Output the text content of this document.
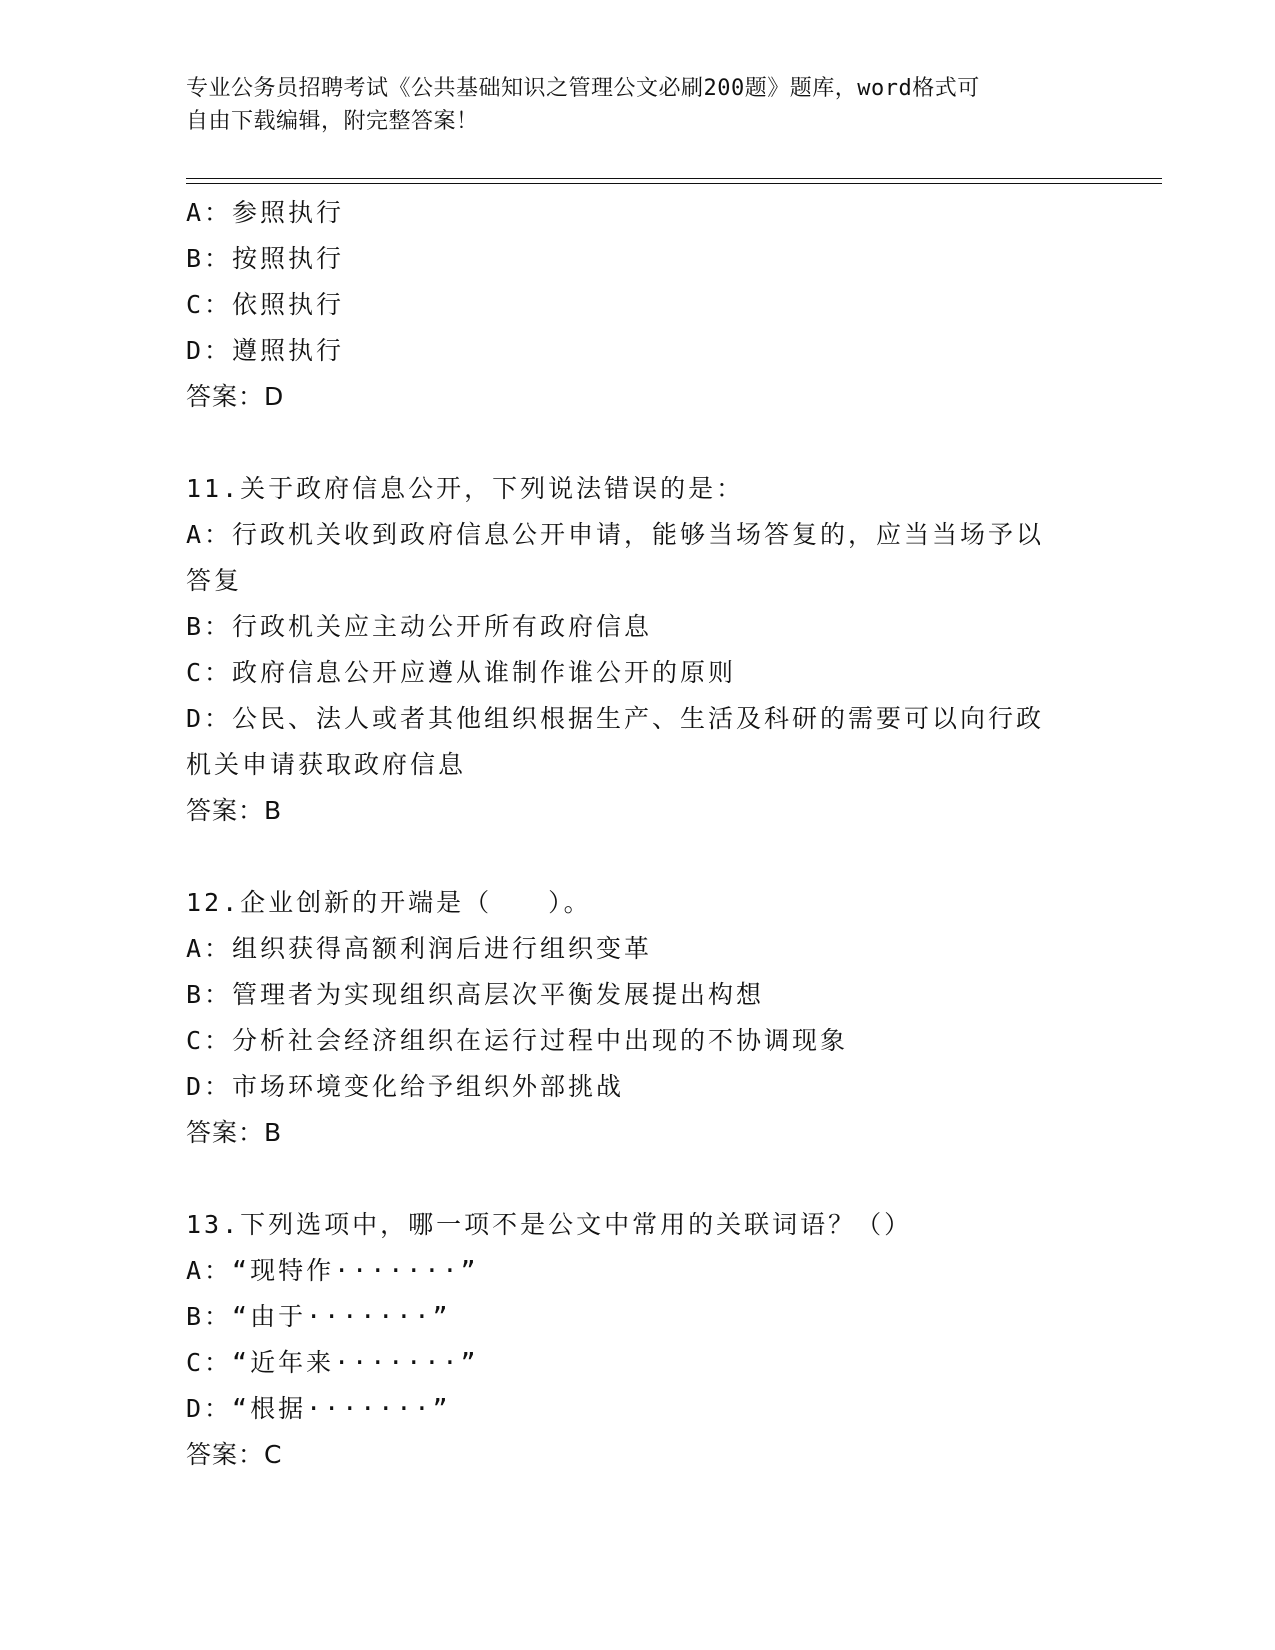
专业公务员招聘考试《公共基础知识之管理公文必刷200题》题库，word格式可
自由下载编辑，附完整答案！
A：参照执行
B：按照执行
C：依照执行
D：遵照执行
答案：D
11.关于政府信息公开，下列说法错误的是：
A：行政机关收到政府信息公开申请，能够当场答复的，应当当场予以
答复
B：行政机关应主动公开所有政府信息
C：政府信息公开应遵从谁制作谁公开的原则
D：公民、法人或者其他组织根据生产、生活及科研的需要可以向行政
机关申请获取政府信息
答案：B
12.企业创新的开端是（　　）。
A：组织获得高额利润后进行组织变革
B：管理者为实现组织高层次平衡发展提出构想
C：分析社会经济组织在运行过程中出现的不协调现象
D：市场环境变化给予组织外部挑战
答案：B
13.下列选项中，哪一项不是公文中常用的关联词语？（）
A：“现特作·······”
B：“由于·······”
C：“近年来·······”
D：“根据·······”
答案：C
